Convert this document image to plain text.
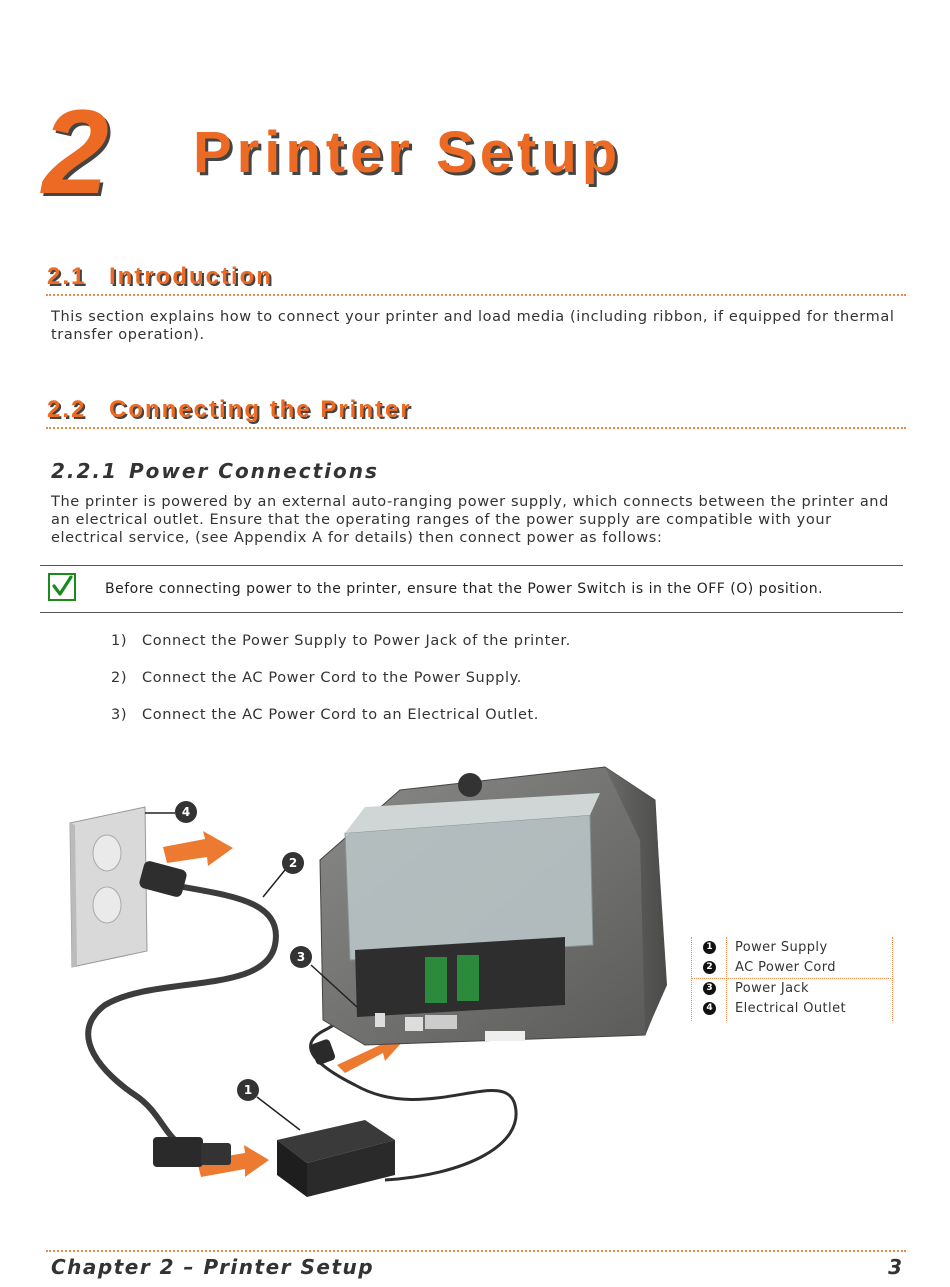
2 Printer Setup
2.1 Introduction
This section explains how to connect your printer and load media (including ribbon, if equipped for thermal transfer operation).
2.2 Connecting the Printer
2.2.1 Power Connections
The printer is powered by an external auto-ranging power supply, which connects between the printer and an electrical outlet. Ensure that the operating ranges of the power supply are compatible with your electrical service, (see Appendix A for details) then connect power as follows:
Before connecting power to the printer, ensure that the Power Switch is in the OFF (O) position.
1) Connect the Power Supply to Power Jack of the printer.
2) Connect the AC Power Cord to the Power Supply.
3) Connect the AC Power Cord to an Electrical Outlet.
4
2
3
1
1 Power Supply
2 AC Power Cord
3 Power Jack
4 Electrical Outlet
Chapter 2 – Printer Setup	3
